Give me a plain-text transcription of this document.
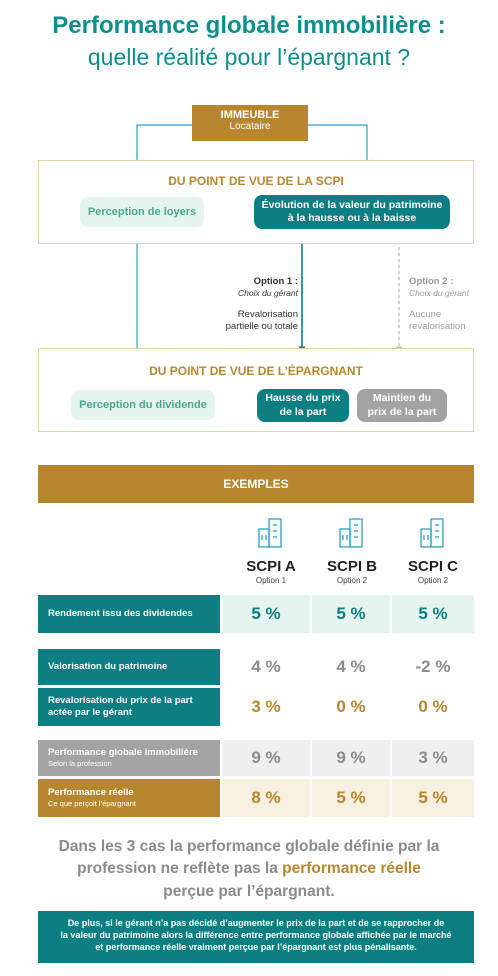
Performance globale immobilière :
quelle réalité pour l’épargnant ?
IMMEUBLE
Locataire
DU POINT DE VUE DE LA SCPI
Perception de loyers
Évolution de la valeur du patrimoine
à la hausse ou à la baisse
Option 1 :
Choix du gérant
Revalorisation
partielle ou totale
Option 2 :
Choix du gérant
Aucune
revalorisation
DU POINT DE VUE DE L’ÉPARGNANT
Perception du dividende
Hausse du prix
de la part
Maintien du
prix de la part
EXEMPLES
SCPI A
Option 1
SCPI B
Option 2
SCPI C
Option 2
Rendement issu des dividendes	5 %	5 %	5 %
Valorisation du patrimoine	4 %	4 %	-2 %
Revalorisation du prix de la part
actée par le gérant	3 %	0 %	0 %
Performance globale immobilière
Selon la profession	9 %	9 %	3 %
Performance réelle
Ce que perçoit l’épargnant	8 %	5 %	5 %
Dans les 3 cas la performance globale définie par la
profession ne reflète pas la performance réelle
perçue par l’épargnant.
De plus, si le gérant n’a pas décidé d’augmenter le prix de la part et de se rapprocher de
la valeur du patrimoine alors la différence entre performance globale affichée par le marché
et performance réelle vraiment perçue par l’épargnant est plus pénalisante.
